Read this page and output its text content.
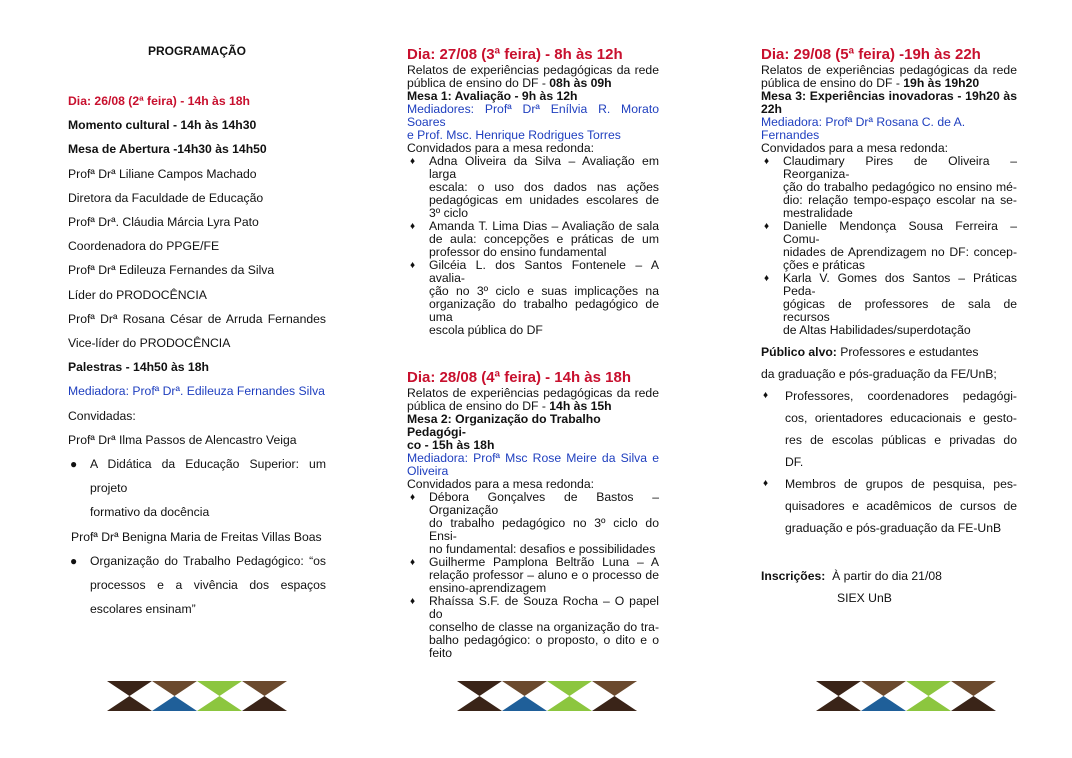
PROGRAMAÇÃO
Dia: 26/08 (2ª feira) - 14h às 18h
Momento cultural - 14h às 14h30
Mesa de Abertura -14h30 às 14h50
Profª Drª Liliane Campos Machado
Diretora da Faculdade de Educação
Profª Drª. Cláudia Márcia Lyra Pato
Coordenadora do PPGE/FE
Profª Drª Edileuza Fernandes da Silva
Líder do PRODOCÊNCIA
Profª Drª Rosana César de Arruda Fernandes
Vice-líder do PRODOCÊNCIA
Palestras - 14h50 às 18h
Mediadora: Profª Drª. Edileuza Fernandes Silva
Convidadas:
Profª Drª Ilma Passos de Alencastro Veiga
● A Didática da Educação Superior: um projeto
formativo da docência
Profª Drª Benigna Maria de Freitas Villas Boas
● Organização do Trabalho Pedagógico: “os
processos e a vivência dos espaços
escolares ensinam”
Dia: 27/08 (3ª feira) - 8h às 12h
Relatos de experiências pedagógicas da rede
pública de ensino do DF - 08h às 09h
Mesa 1: Avaliação - 9h às 12h
Mediadores: Profª Drª Enílvia R. Morato Soares
e Prof. Msc. Henrique Rodrigues Torres
Convidados para a mesa redonda:
♦ Adna Oliveira da Silva – Avaliação em larga
escala: o uso dos dados nas ações
pedagógicas em unidades escolares de
3º ciclo
♦ Amanda T. Lima Dias – Avaliação de sala
de aula: concepções e práticas de um
professor do ensino fundamental
♦ Gilcéia L. dos Santos Fontenele – A avalia-
ção no 3º ciclo e suas implicações na
organização do trabalho pedagógico de uma
escola pública do DF
Dia: 28/08 (4ª feira) - 14h às 18h
Relatos de experiências pedagógicas da rede
pública de ensino do DF - 14h às 15h
Mesa 2: Organização do Trabalho Pedagógi-
co - 15h às 18h
Mediadora: Profª Msc Rose Meire da Silva e
Oliveira
Convidados para a mesa redonda:
♦ Débora Gonçalves de Bastos – Organização
do trabalho pedagógico no 3º ciclo do Ensi-
no fundamental: desafios e possibilidades
♦ Guilherme Pamplona Beltrão Luna – A
relação professor – aluno e o processo de
ensino-aprendizagem
♦ Rhaíssa S.F. de Souza Rocha – O papel do
conselho de classe na organização do tra-
balho pedagógico: o proposto, o dito e o
feito
Dia: 29/08 (5ª feira) -19h às 22h
Relatos de experiências pedagógicas da rede
pública de ensino do DF - 19h às 19h20
Mesa 3: Experiências inovadoras - 19h20 às
22h
Mediadora: Profª Drª Rosana C. de A. Fernandes
Convidados para a mesa redonda:
♦ Claudimary Pires de Oliveira – Reorganiza-
ção do trabalho pedagógico no ensino mé-
dio: relação tempo-espaço escolar na se-
mestralidade
♦ Danielle Mendonça Sousa Ferreira – Comu-
nidades de Aprendizagem no DF: concep-
ções e práticas
♦ Karla V. Gomes dos Santos – Práticas Peda-
gógicas de professores de sala de recursos
de Altas Habilidades/superdotação
Público alvo: Professores e estudantes
da graduação e pós-graduação da FE/UnB;
♦ Professores, coordenadores pedagógi-
cos, orientadores educacionais e gesto-
res de escolas públicas e privadas do
DF.
♦ Membros de grupos de pesquisa, pes-
quisadores e acadêmicos de cursos de
graduação e pós-graduação da FE-UnB
Inscrições: À partir do dia 21/08
SIEX UnB
